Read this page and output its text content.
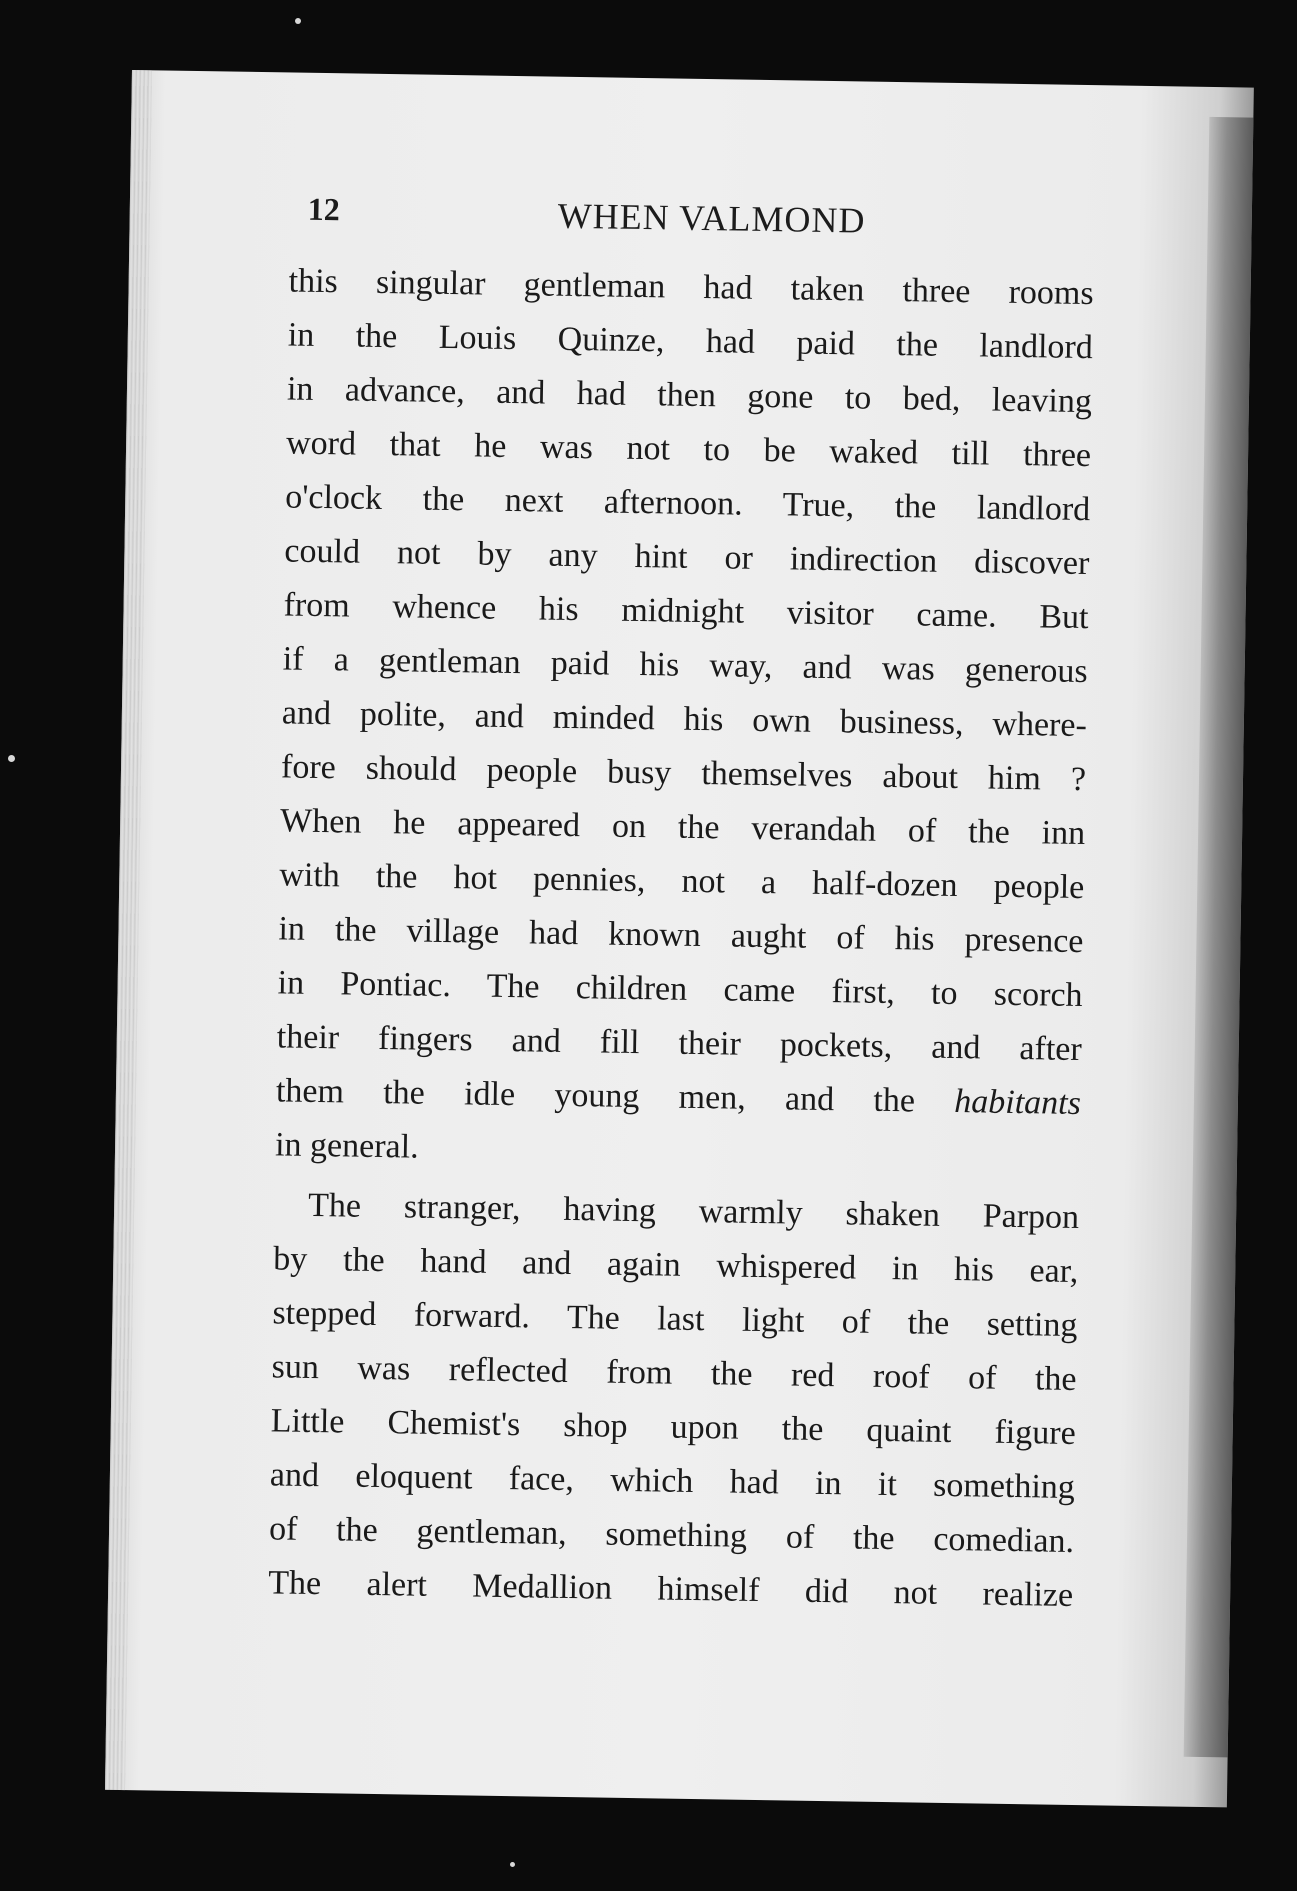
12	WHEN VALMOND
this singular gentleman had taken three rooms
in the Louis Quinze, had paid the landlord
in advance, and had then gone to bed, leaving
word that he was not to be waked till three
o'clock the next afternoon. True, the landlord
could not by any hint or indirection discover
from whence his midnight visitor came. But
if a gentleman paid his way, and was generous
and polite, and minded his own business, where-
fore should people busy themselves about him ?
When he appeared on the verandah of the inn
with the hot pennies, not a half-dozen people
in the village had known aught of his presence
in Pontiac. The children came first, to scorch
their fingers and fill their pockets, and after
them the idle young men, and the habitants
in general.
The stranger, having warmly shaken Parpon
by the hand and again whispered in his ear,
stepped forward. The last light of the setting
sun was reflected from the red roof of the
Little Chemist's shop upon the quaint figure
and eloquent face, which had in it something
of the gentleman, something of the comedian.
The alert Medallion himself did not realize
